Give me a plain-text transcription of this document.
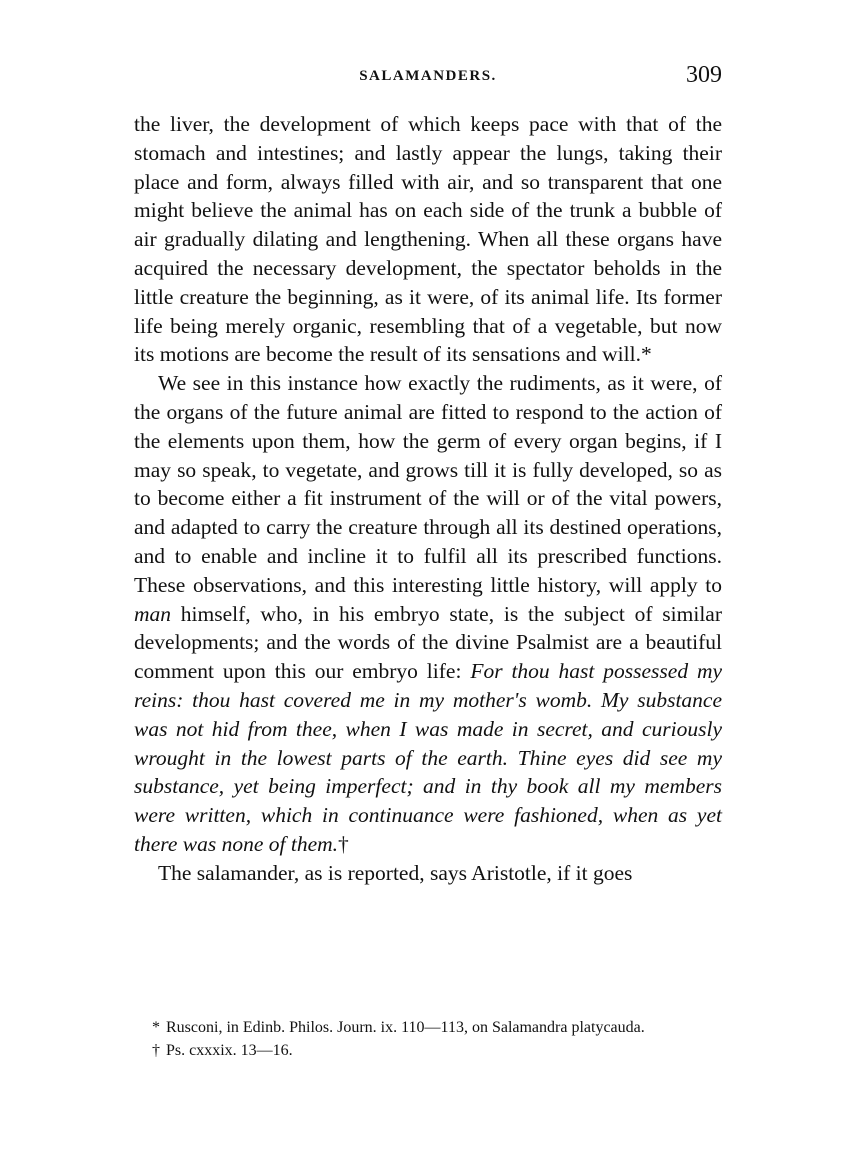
SALAMANDERS.	309

the liver, the development of which keeps pace with that of the stomach and intestines; and lastly appear the lungs, taking their place and form, always filled with air, and so transparent that one might believe the animal has on each side of the trunk a bubble of air gradually dilating and lengthening. When all these organs have acquired the necessary development, the spectator beholds in the little creature the beginning, as it were, of its animal life. Its former life being merely organic, resembling that of a vegetable, but now its motions are become the result of its sensations and will.*

We see in this instance how exactly the rudiments, as it were, of the organs of the future animal are fitted to respond to the action of the elements upon them, how the germ of every organ begins, if I may so speak, to vegetate, and grows till it is fully developed, so as to become either a fit instrument of the will or of the vital powers, and adapted to carry the creature through all its destined operations, and to enable and incline it to fulfil all its prescribed functions. These observations, and this interesting little history, will apply to man himself, who, in his embryo state, is the subject of similar developments; and the words of the divine Psalmist are a beautiful comment upon this our embryo life: For thou hast possessed my reins: thou hast covered me in my mother's womb. My substance was not hid from thee, when I was made in secret, and curiously wrought in the lowest parts of the earth. Thine eyes did see my substance, yet being imperfect; and in thy book all my members were written, which in continuance were fashioned, when as yet there was none of them.†

The salamander, as is reported, says Aristotle, if it goes

* Rusconi, in Edinb. Philos. Journ. ix. 110—113, on Salamandra platycauda.

† Ps. cxxxix. 13—16.
